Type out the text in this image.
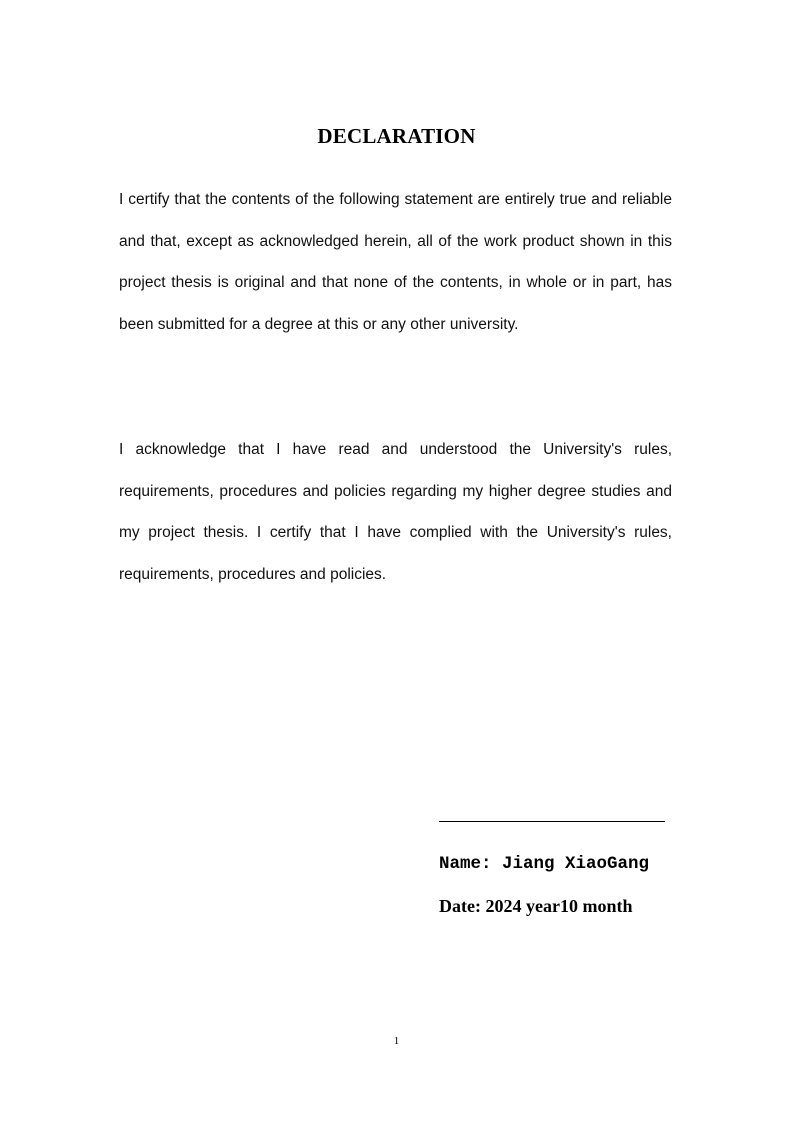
DECLARATION

I certify that the contents of the following statement are entirely true and reliable and that, except as acknowledged herein, all of the work product shown in this project thesis is original and that none of the contents, in whole or in part, has been submitted for a degree at this or any other university.

I acknowledge that I have read and understood the University's rules, requirements, procedures and policies regarding my higher degree studies and my project thesis. I certify that I have complied with the University's rules, requirements, procedures and policies.

Name: Jiang XiaoGang
Date: 2024 year10 month
1
